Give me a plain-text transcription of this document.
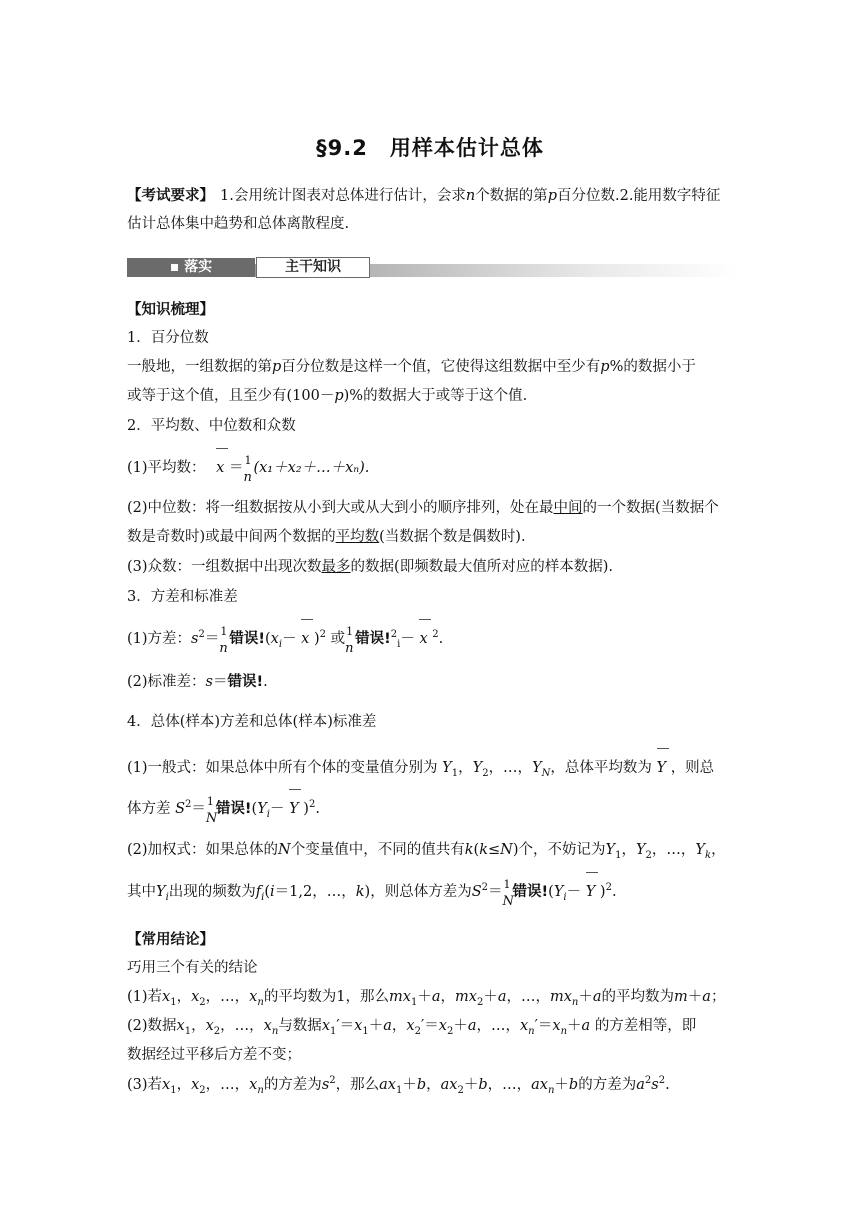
§9.2　用样本估计总体
【考试要求】 1.会用统计图表对总体进行估计，会求n个数据的第p百分位数.2.能用数字特征
估计总体集中趋势和总体离散程度.
▪ 落实	主干知识
【知识梳理】
1．百分位数
一般地，一组数据的第p百分位数是这样一个值，它使得这组数据中至少有p%的数据小于
或等于这个值，且至少有(100－p)%的数据大于或等于这个值.
2．平均数、中位数和众数
(1)平均数： x ＝ 1
n
(x₁＋x₂＋…＋xₙ).
(2)中位数：将一组数据按从小到大或从大到小的顺序排列，处在最中间的一个数据(当数据个
数是奇数时)或最中间两个数据的平均数(当数据个数是偶数时).
(3)众数：一组数据中出现次数最多的数据(即频数最大值所对应的样本数据).
3．方差和标准差
(1)方差：$s^2= 1$
n
错误$!(x_i- x$ )$^2$ 或 1
n
错误!$^2_i$－ x $^2$.
(2)标准差：s＝错误!.
4．总体(样本)方差和总体(样本)标准差
(1)一般式：如果总体中所有个体的变量值分别为 $Y_1$，$Y_2$，…，$Y_N$，总体平均数为 Y ，则总
体方差 $S^2= 1$
N
错误$!(Y_i- Y$ )$^2$.
(2)加权式：如果总体的N个变量值中，不同的值共有k(k≤N)个，不妨记为$Y_1$，$Y_2$，…，$Y_k$，
其中$Y_i$出现的频数为$f_i(i=1,2$，…，k)，则总体方差为$S^2= 1$
N
错误$!(Y_i- Y$ )$^2$.
【常用结论】
巧用三个有关的结论
(1)若$x_1$，$x_2$，…，$x_n$的平均数为1，那么$mx_1+a$，$mx_2+a$，…，$mx_n+a$的平均数为m＋a；
(2)数据$x_1$，$x_2$，…，$x_n$与数据$x_1'=x_1+a$，$x_2'=x_2+a$，…，$x_n'=x_n+a$ 的方差相等，即
数据经过平移后方差不变；
(3)若$x_1$，$x_2$，…，$x_n$的方差为$s^2$，那么$ax_1+b$，$ax_2+b$，…，$ax_n+b$的方差为$a^2s^2$.
